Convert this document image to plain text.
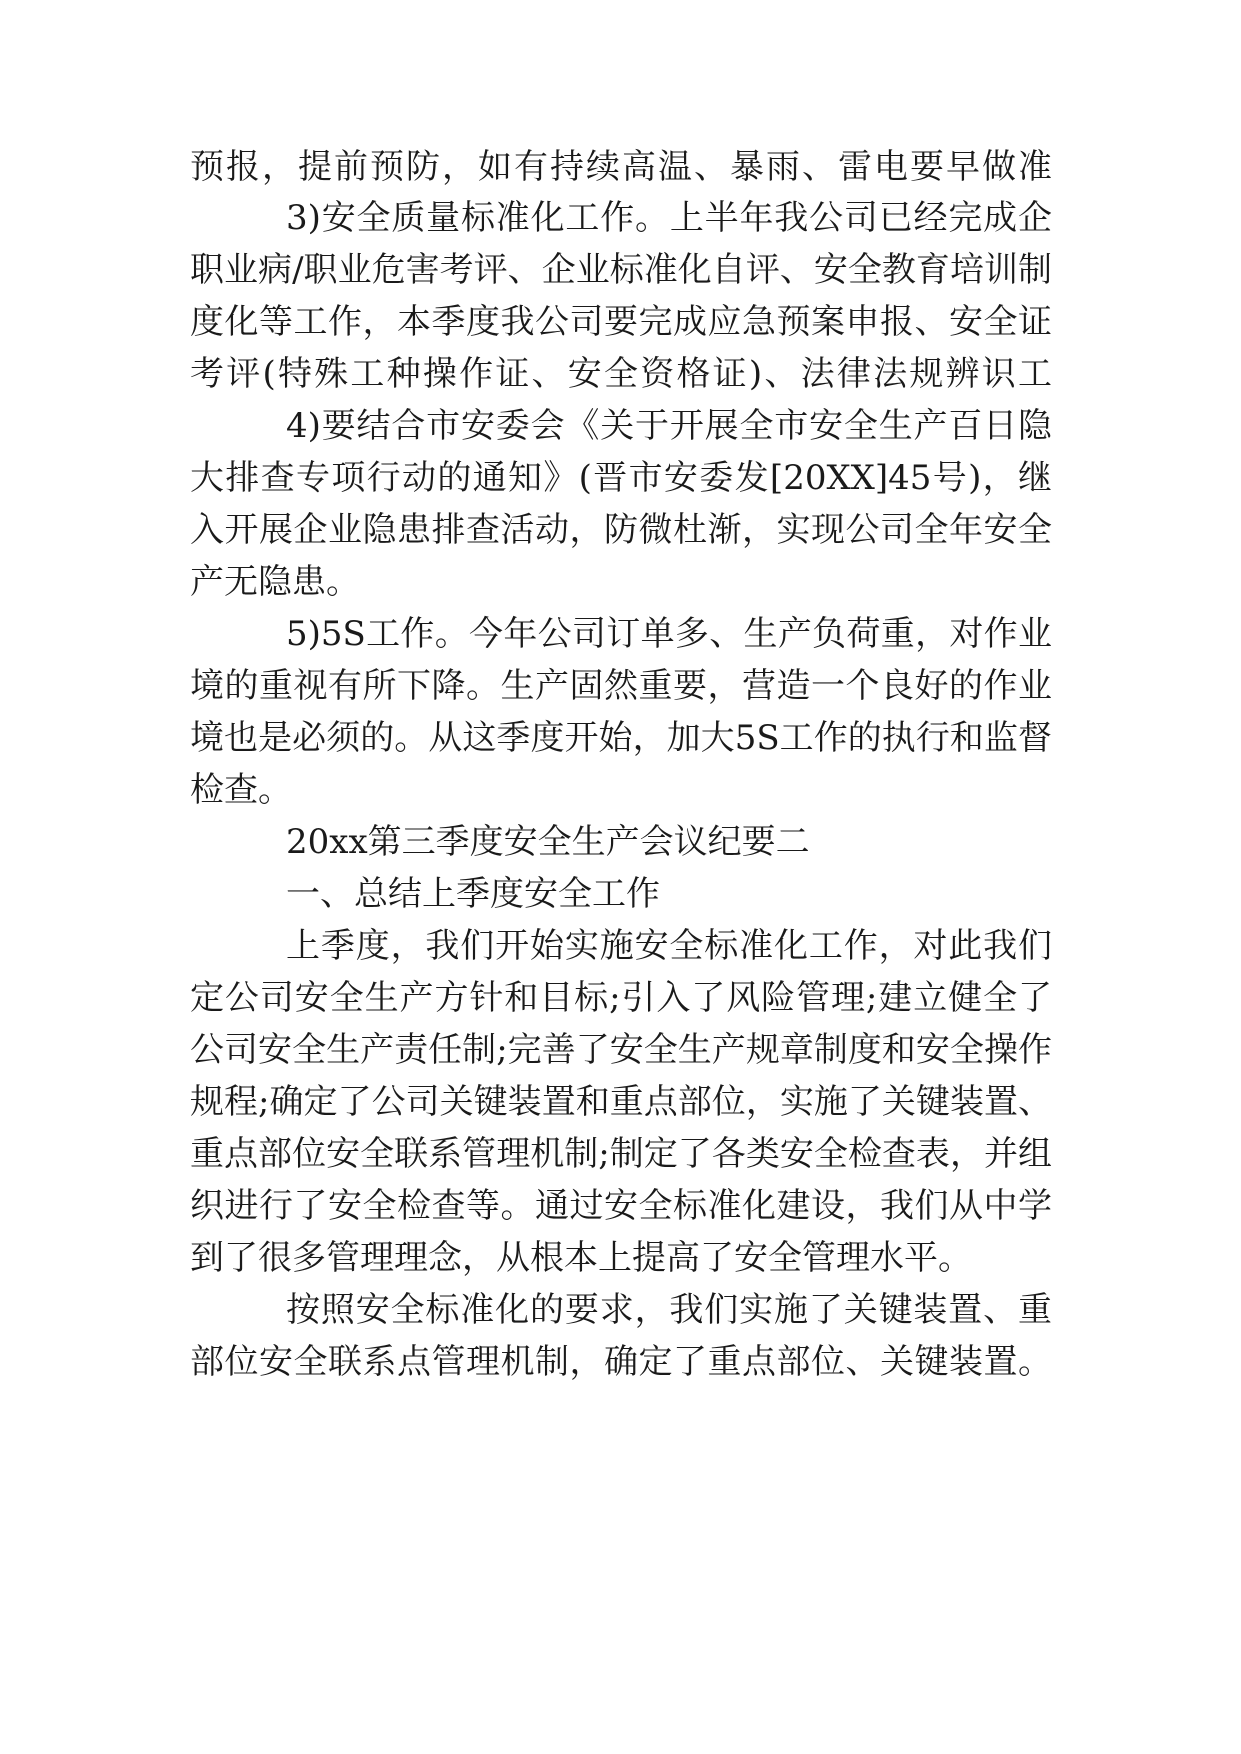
预报，提前预防，如有持续高温、暴雨、雷电要早做准
3)安全质量标准化工作。上半年我公司已经完成企
职业病/职业危害考评、企业标准化自评、安全教育培训制
度化等工作，本季度我公司要完成应急预案申报、安全证
考评(特殊工种操作证、安全资格证)、法律法规辨识工
4)要结合市安委会《关于开展全市安全生产百日隐
大排查专项行动的通知》(晋市安委发[20XX]45号)，继
入开展企业隐患排查活动，防微杜渐，实现公司全年安全
产无隐患。
5)5S工作。今年公司订单多、生产负荷重，对作业
境的重视有所下降。生产固然重要，营造一个良好的作业
境也是必须的。从这季度开始，加大5S工作的执行和监督
检查。
20xx第三季度安全生产会议纪要二
一、总结上季度安全工作
上季度，我们开始实施安全标准化工作，对此我们
定公司安全生产方针和目标;引入了风险管理;建立健全了
公司安全生产责任制;完善了安全生产规章制度和安全操作
规程;确定了公司关键装置和重点部位，实施了关键装置、
重点部位安全联系管理机制;制定了各类安全检查表，并组
织进行了安全检查等。通过安全标准化建设，我们从中学
到了很多管理理念，从根本上提高了安全管理水平。
按照安全标准化的要求，我们实施了关键装置、重
部位安全联系点管理机制，确定了重点部位、关键装置。
